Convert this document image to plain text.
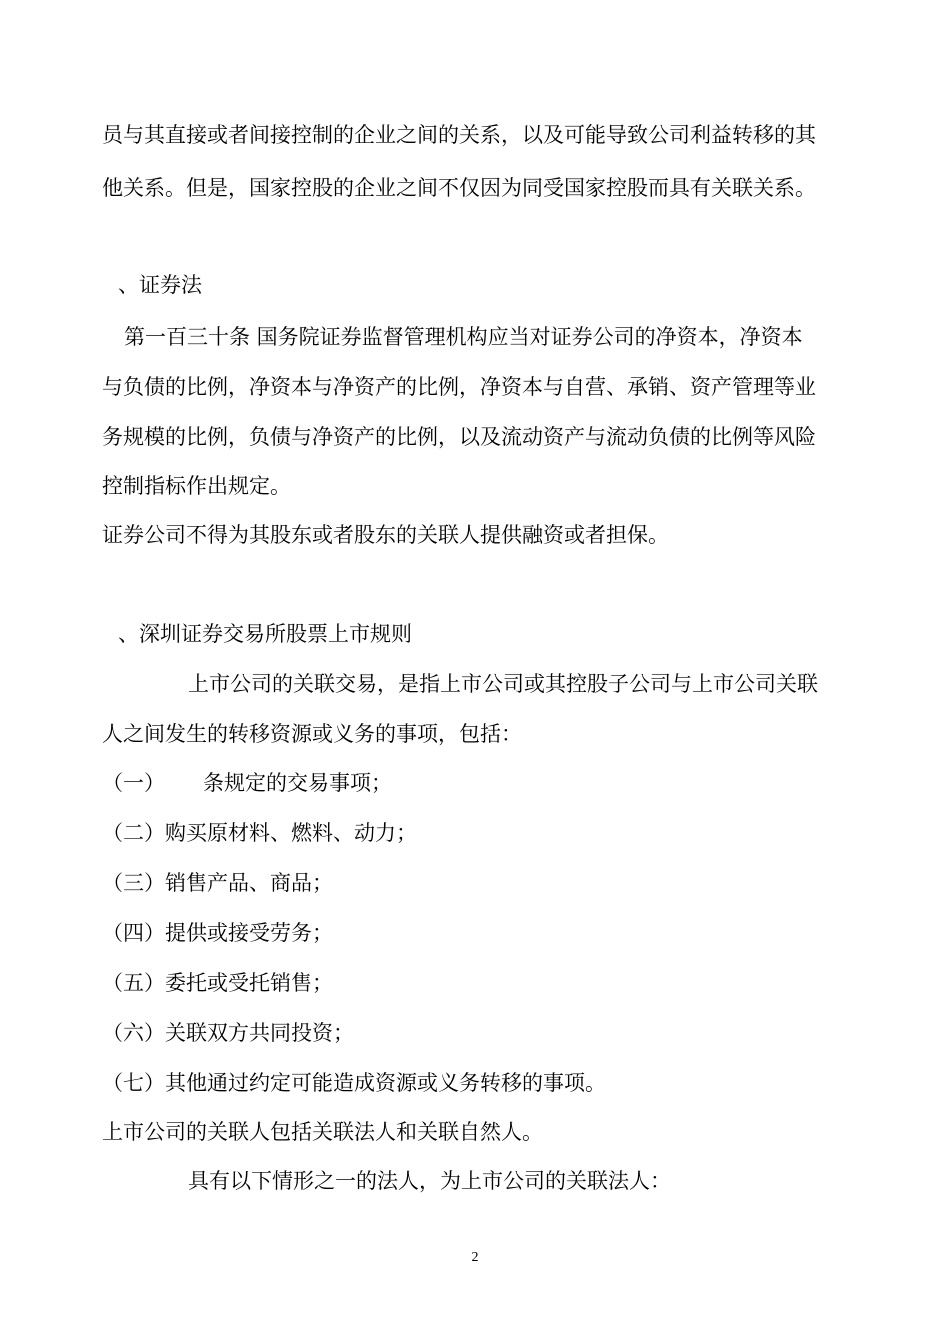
员与其直接或者间接控制的企业之间的关系，以及可能导致公司利益转移的其
他关系。但是，国家控股的企业之间不仅因为同受国家控股而具有关联关系。
、证券法
第一百三十条 国务院证券监督管理机构应当对证券公司的净资本，净资本
与负债的比例，净资本与净资产的比例，净资本与自营、承销、资产管理等业
务规模的比例，负债与净资产的比例，以及流动资产与流动负债的比例等风险
控制指标作出规定。
证券公司不得为其股东或者股东的关联人提供融资或者担保。
、深圳证券交易所股票上市规则
上市公司的关联交易，是指上市公司或其控股子公司与上市公司关联
人之间发生的转移资源或义务的事项，包括：
（一） 条规定的交易事项；
（二）购买原材料、燃料、动力；
（三）销售产品、商品；
（四）提供或接受劳务；
（五）委托或受托销售；
（六）关联双方共同投资；
（七）其他通过约定可能造成资源或义务转移的事项。
上市公司的关联人包括关联法人和关联自然人。
具有以下情形之一的法人，为上市公司的关联法人：
2
